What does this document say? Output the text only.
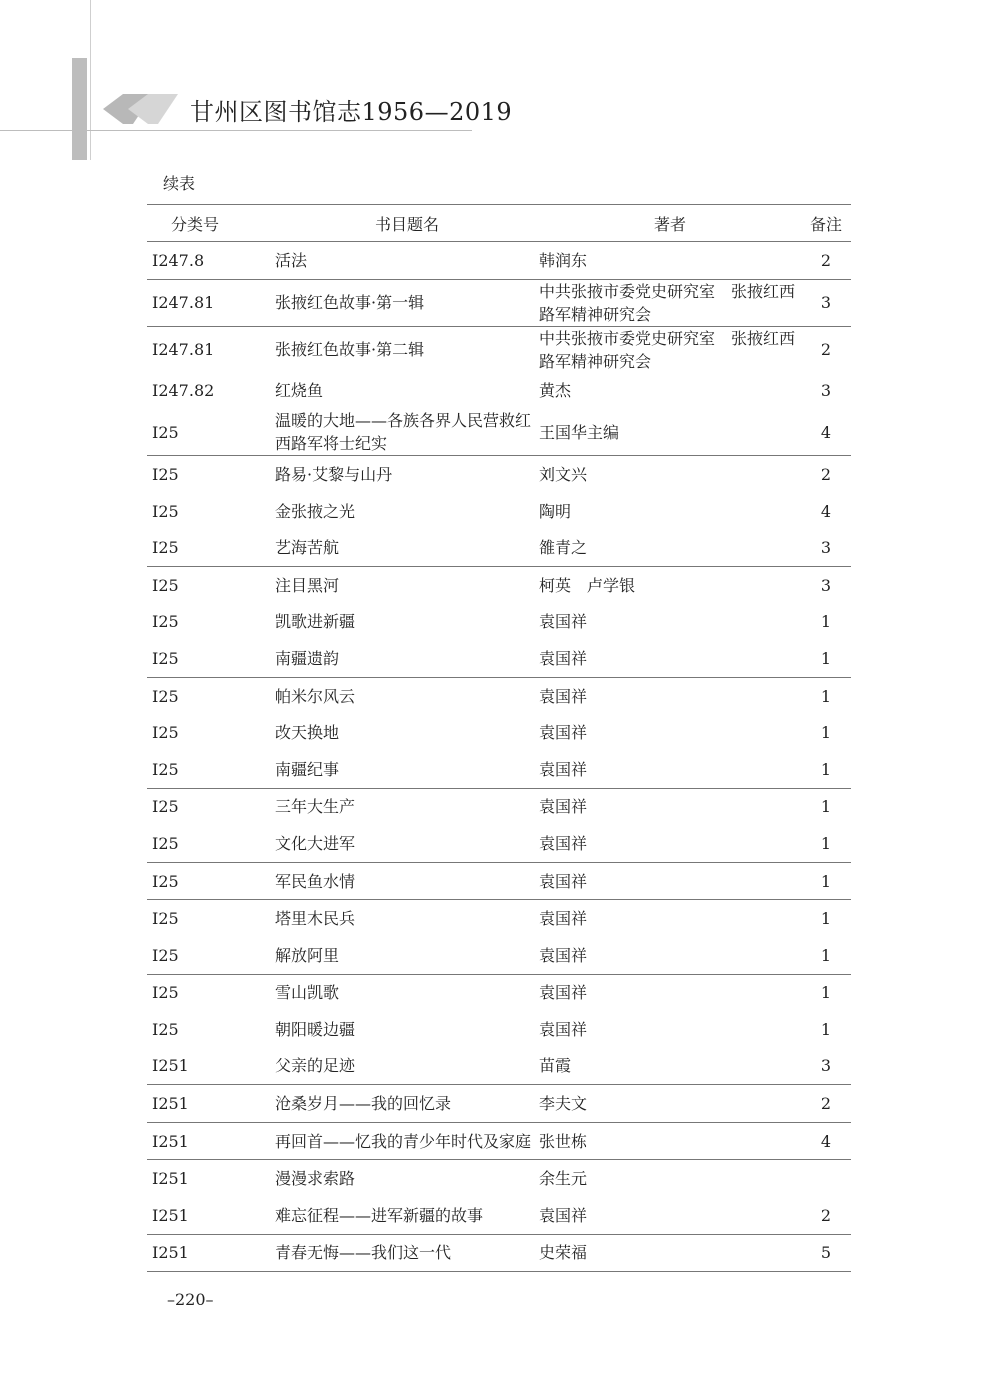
甘州区图书馆志1956—2019
续表
分类号	书目题名	著者	备注
I247.8	活法	韩润东	2
I247.81	张掖红色故事·第一辑	中共张掖市委党史研究室　张掖红西路军精神研究会	3
I247.81	张掖红色故事·第二辑	中共张掖市委党史研究室　张掖红西路军精神研究会	2
I247.82	红烧鱼	黄杰	3
I25	温暖的大地——各族各界人民营救红西路军将士纪实	王国华主编	4
I25	路易·艾黎与山丹	刘文兴	2
I25	金张掖之光	陶明	4
I25	艺海苦航	雒青之	3
I25	注目黑河	柯英　卢学银	3
I25	凯歌进新疆	袁国祥	1
I25	南疆遗韵	袁国祥	1
I25	帕米尔风云	袁国祥	1
I25	改天换地	袁国祥	1
I25	南疆纪事	袁国祥	1
I25	三年大生产	袁国祥	1
I25	文化大进军	袁国祥	1
I25	军民鱼水情	袁国祥	1
I25	塔里木民兵	袁国祥	1
I25	解放阿里	袁国祥	1
I25	雪山凯歌	袁国祥	1
I25	朝阳暖边疆	袁国祥	1
I251	父亲的足迹	苗霞	3
I251	沧桑岁月——我的回忆录	李夫文	2
I251	再回首——忆我的青少年时代及家庭	张世栋	4
I251	漫漫求索路	余生元	
I251	难忘征程——进军新疆的故事	袁国祥	2
I251	青春无悔——我们这一代	史荣福	5
–220–
